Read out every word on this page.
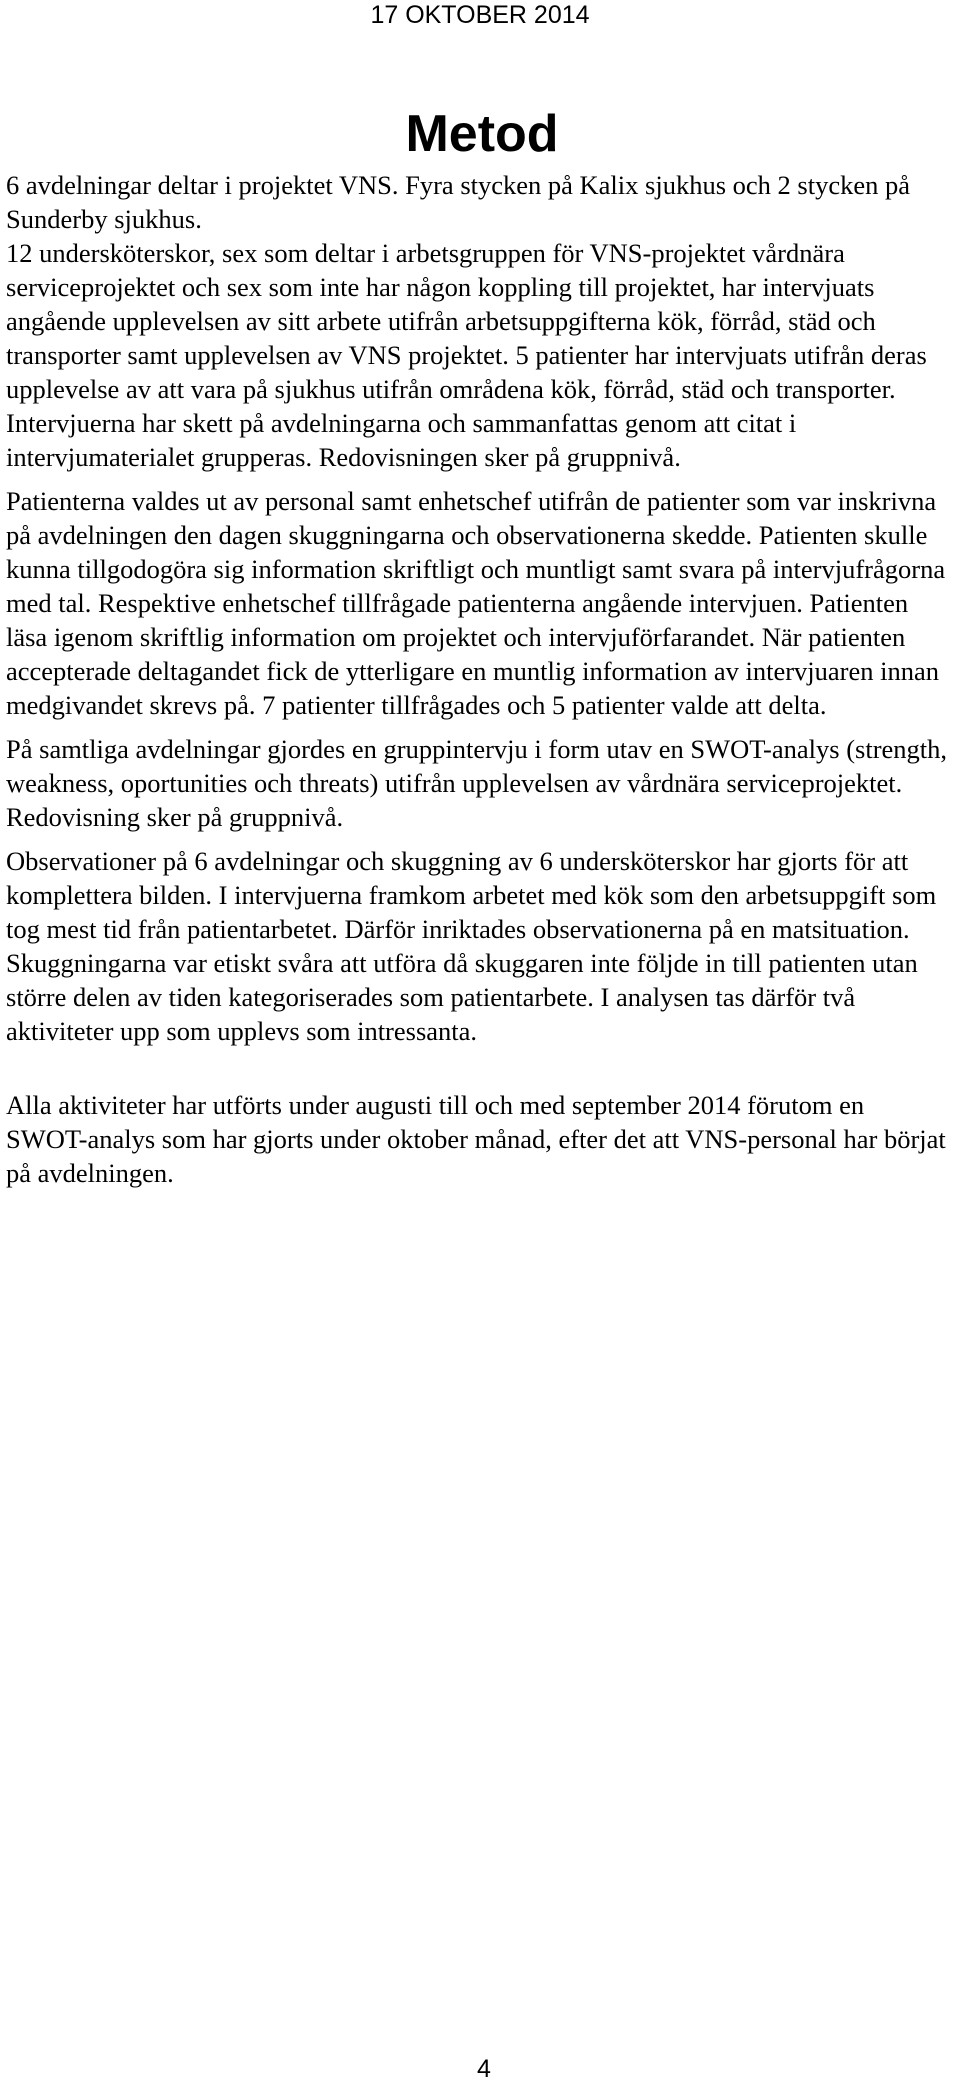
17 OKTOBER 2014
Metod

6 avdelningar deltar i projektet VNS. Fyra stycken på Kalix sjukhus och 2 stycken på Sunderby sjukhus.

12 undersköterskor, sex som deltar i arbetsgruppen för VNS-projektet vårdnära serviceprojektet och sex som inte har någon koppling till projektet, har intervjuats angående upplevelsen av sitt arbete utifrån arbetsuppgifterna kök, förråd, städ och transporter samt upplevelsen av VNS projektet. 5 patienter har intervjuats utifrån deras upplevelse av att vara på sjukhus utifrån områdena kök, förråd, städ och transporter. Intervjuerna har skett på avdelningarna och sammanfattas genom att citat i intervjumaterialet grupperas. Redovisningen sker på gruppnivå.

Patienterna valdes ut av personal samt enhetschef utifrån de patienter som var inskrivna på avdelningen den dagen skuggningarna och observationerna skedde. Patienten skulle kunna tillgodogöra sig information skriftligt och muntligt samt svara på intervjufrågorna med tal. Respektive enhetschef tillfrågade patienterna angående intervjuen. Patienten läsa igenom skriftlig information om projektet och intervjuförfarandet. När patienten accepterade deltagandet fick de ytterligare en muntlig information av intervjuaren innan medgivandet skrevs på. 7 patienter tillfrågades och 5 patienter valde att delta.

På samtliga avdelningar gjordes en gruppintervju i form utav en SWOT-analys (strength, weakness, oportunities och threats) utifrån upplevelsen av vårdnära serviceprojektet. Redovisning sker på gruppnivå.

Observationer på 6 avdelningar och skuggning av 6 undersköterskor har gjorts för att komplettera bilden. I intervjuerna framkom arbetet med kök som den arbetsuppgift som tog mest tid från patientarbetet. Därför inriktades observationerna på en matsituation. Skuggningarna var etiskt svåra att utföra då skuggaren inte följde in till patienten utan större delen av tiden kategoriserades som patientarbete. I analysen tas därför två aktiviteter upp som upplevs som intressanta.

Alla aktiviteter har utförts under augusti till och med september 2014 förutom en SWOT-analys som har gjorts under oktober månad, efter det att VNS-personal har börjat på avdelningen.

4
